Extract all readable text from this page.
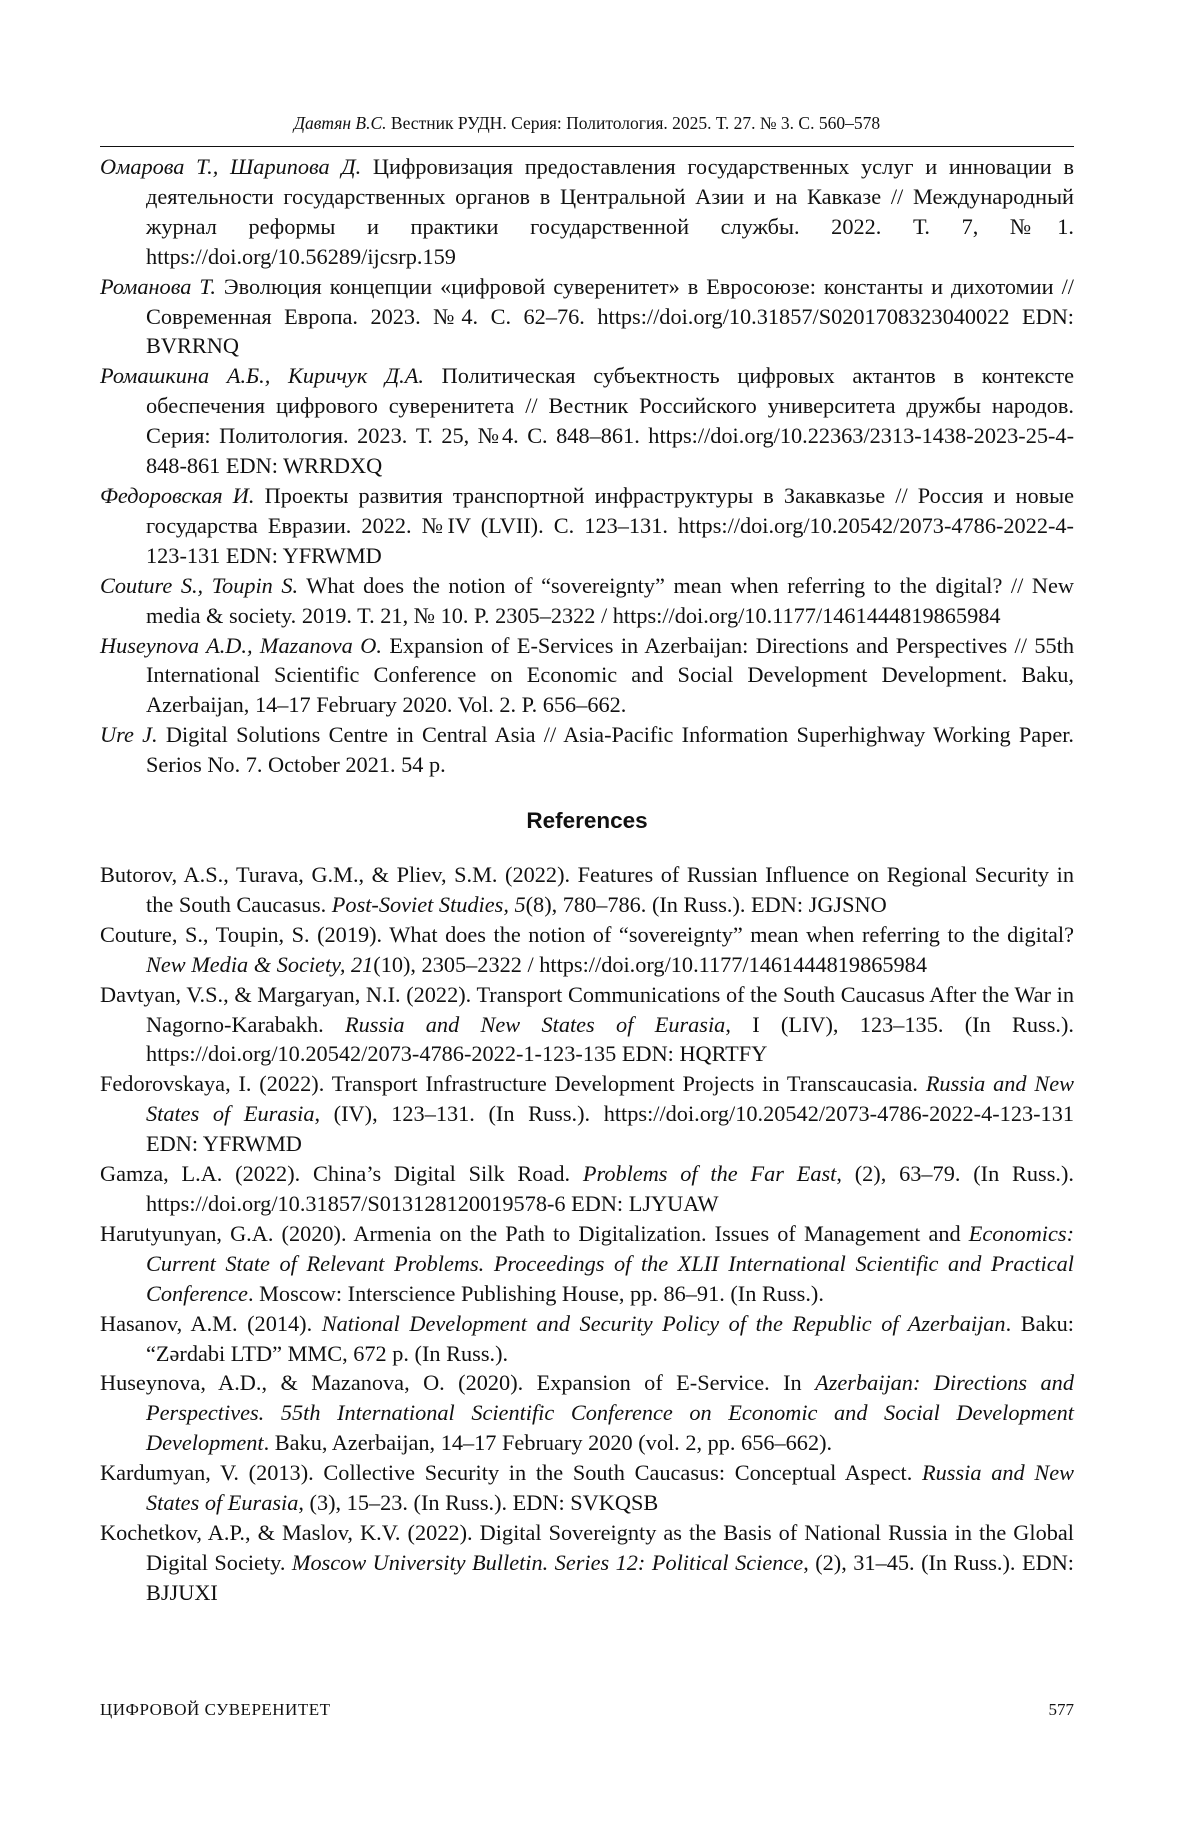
Давтян В.С. Вестник РУДН. Серия: Политология. 2025. Т. 27. № 3. С. 560–578

Омарова Т., Шарипова Д. Цифровизация предоставления государственных услуг и инновации в деятельности государственных органов в Центральной Азии и на Кавказе // Международный журнал реформы и практики государственной службы. 2022. Т. 7, №1. https://doi.org/10.56289/ijcsrp.159

Романова Т. Эволюция концепции «цифровой суверенитет» в Евросоюзе: константы и дихотомии // Современная Европа. 2023. №4. С. 62–76. https://doi.org/10.31857/S0201708323040022 EDN: BVRRNQ

Ромашкина А.Б., Киричук Д.А. Политическая субъектность цифровых актантов в контексте обеспечения цифрового суверенитета // Вестник Российского университета дружбы народов. Серия: Политология. 2023. Т. 25, №4. С. 848–861. https://doi.org/10.22363/2313-1438-2023-25-4-848-861 EDN: WRRDXQ

Федоровская И. Проекты развития транспортной инфраструктуры в Закавказье // Россия и новые государства Евразии. 2022. №IV (LVII). С. 123–131. https://doi.org/10.20542/2073-4786-2022-4-123-131 EDN: YFRWMD

Couture S., Toupin S. What does the notion of “sovereignty” mean when referring to the digital? // New media & society. 2019. T. 21, № 10. P. 2305–2322 / https://doi.org/10.1177/1461444819865984

Huseynova A.D., Mazanova O. Expansion of E-Services in Azerbaijan: Directions and Perspectives // 55th International Scientific Conference on Economic and Social Development Development. Baku, Azerbaijan, 14–17 February 2020. Vol. 2. P. 656–662.

Ure J. Digital Solutions Centre in Central Asia // Asia-Pacific Information Superhighway Working Paper. Serios No. 7. October 2021. 54 p.

References

Butorov, A.S., Turava, G.M., & Pliev, S.M. (2022). Features of Russian Influence on Regional Security in the South Caucasus. Post-Soviet Studies, 5(8), 780–786. (In Russ.). EDN: JGJSNO

Couture, S., Toupin, S. (2019). What does the notion of “sovereignty” mean when referring to the digital? New Media & Society, 21(10), 2305–2322 / https://doi.org/10.1177/1461444819865984

Davtyan, V.S., & Margaryan, N.I. (2022). Transport Communications of the South Caucasus After the War in Nagorno-Karabakh. Russia and New States of Eurasia, I (LIV), 123–135. (In Russ.). https://doi.org/10.20542/2073-4786-2022-1-123-135 EDN: HQRTFY

Fedorovskaya, I. (2022). Transport Infrastructure Development Projects in Transcaucasia. Russia and New States of Eurasia, (IV), 123–131. (In Russ.). https://doi.org/10.20542/2073-4786-2022-4-123-131 EDN: YFRWMD

Gamza, L.A. (2022). China’s Digital Silk Road. Problems of the Far East, (2), 63–79. (In Russ.). https://doi.org/10.31857/S013128120019578-6 EDN: LJYUAW

Harutyunyan, G.A. (2020). Armenia on the Path to Digitalization. Issues of Management and Economics: Current State of Relevant Problems. Proceedings of the XLII International Scientific and Practical Conference. Moscow: Interscience Publishing House, pp. 86–91. (In Russ.).

Hasanov, A.M. (2014). National Development and Security Policy of the Republic of Azerbaijan. Baku: “Zərdabi LTD” MMC, 672 p. (In Russ.).

Huseynova, A.D., & Mazanova, O. (2020). Expansion of E-Service. In Azerbaijan: Directions and Perspectives. 55th International Scientific Conference on Economic and Social Development Development. Baku, Azerbaijan, 14–17 February 2020 (vol. 2, pp. 656–662).

Kardumyan, V. (2013). Collective Security in the South Caucasus: Conceptual Aspect. Russia and New States of Eurasia, (3), 15–23. (In Russ.). EDN: SVKQSB

Kochetkov, A.P., & Maslov, K.V. (2022). Digital Sovereignty as the Basis of National Russia in the Global Digital Society. Moscow University Bulletin. Series 12: Political Science, (2), 31–45. (In Russ.). EDN: BJJUXI

ЦИФРОВОЙ СУВЕРЕНИТЕТ	577
